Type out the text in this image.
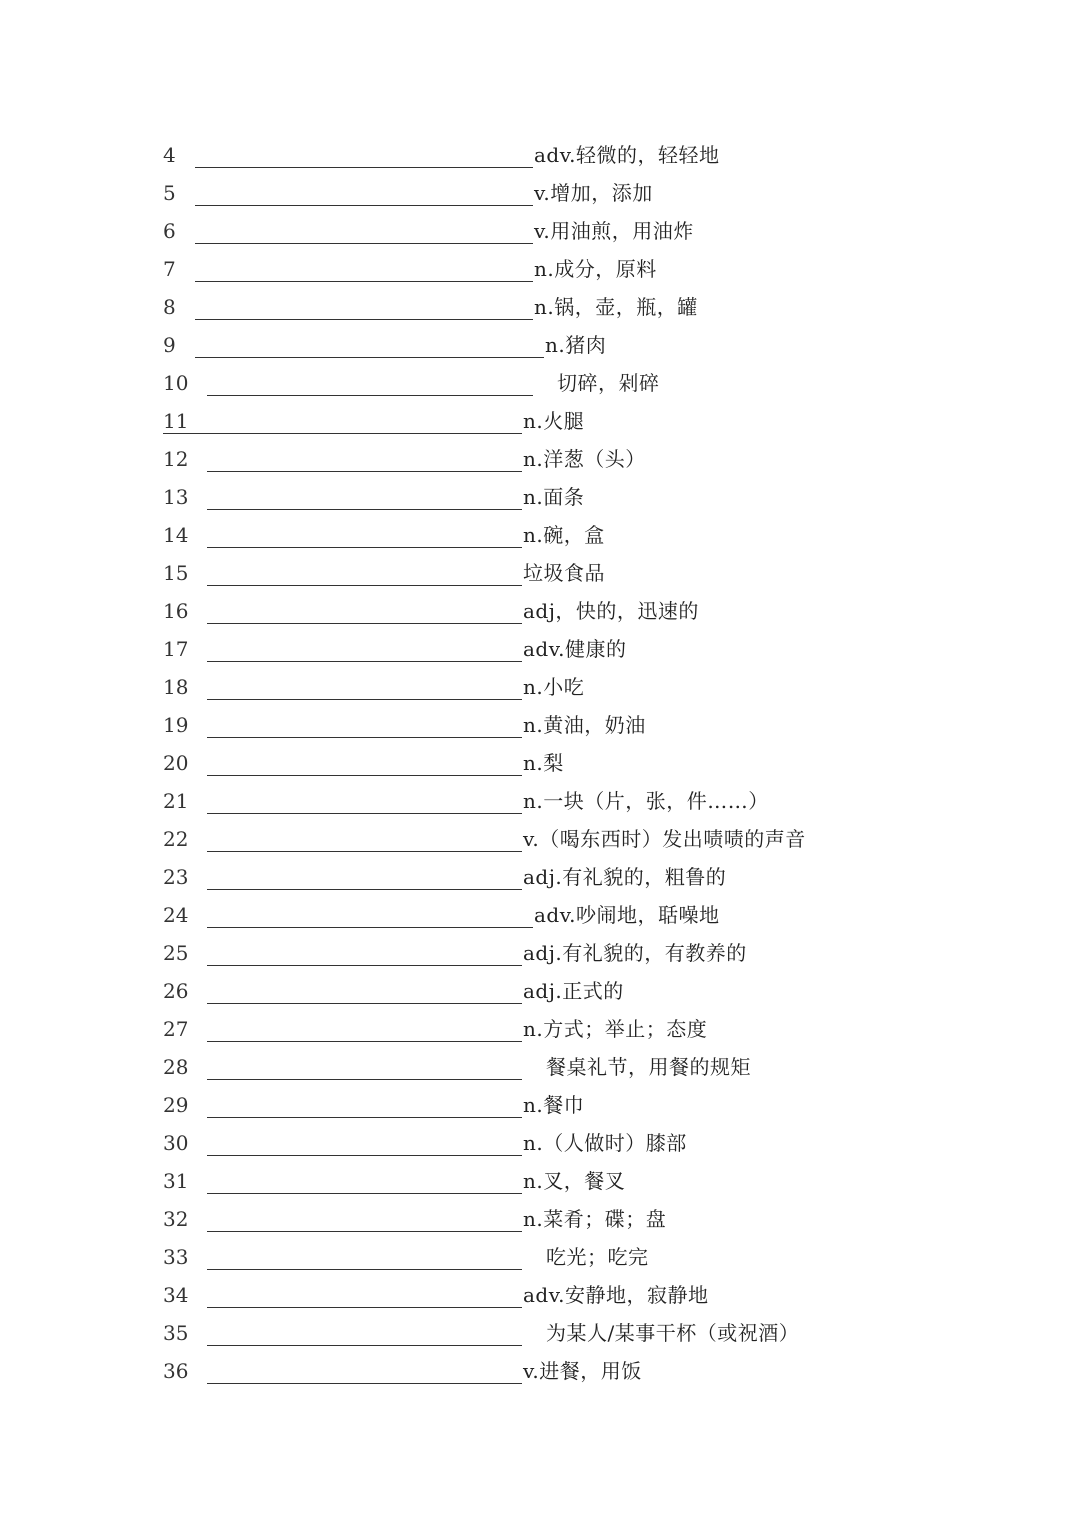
4	adv.轻微的，轻轻地
5	v.增加，添加
6	v.用油煎，用油炸
7	n.成分，原料
8	n.锅，壶，瓶，罐
9	n.猪肉
10	切碎，剁碎
11	n.火腿
12	n.洋葱（头）
13	n.面条
14	n.碗，盒
15	垃圾食品
16	adj，快的，迅速的
17	adv.健康的
18	n.小吃
19	n.黄油，奶油
20	n.梨
21	n.一块（片，张，件……）
22	v.（喝东西时）发出啧啧的声音
23	adj.有礼貌的，粗鲁的
24	adv.吵闹地，聒噪地
25	adj.有礼貌的，有教养的
26	adj.正式的
27	n.方式；举止；态度
28	餐桌礼节，用餐的规矩
29	n.餐巾
30	n.（人做时）膝部
31	n.叉，餐叉
32	n.菜肴；碟；盘
33	吃光；吃完
34	adv.安静地，寂静地
35	为某人/某事干杯（或祝酒）
36	v.进餐，用饭
